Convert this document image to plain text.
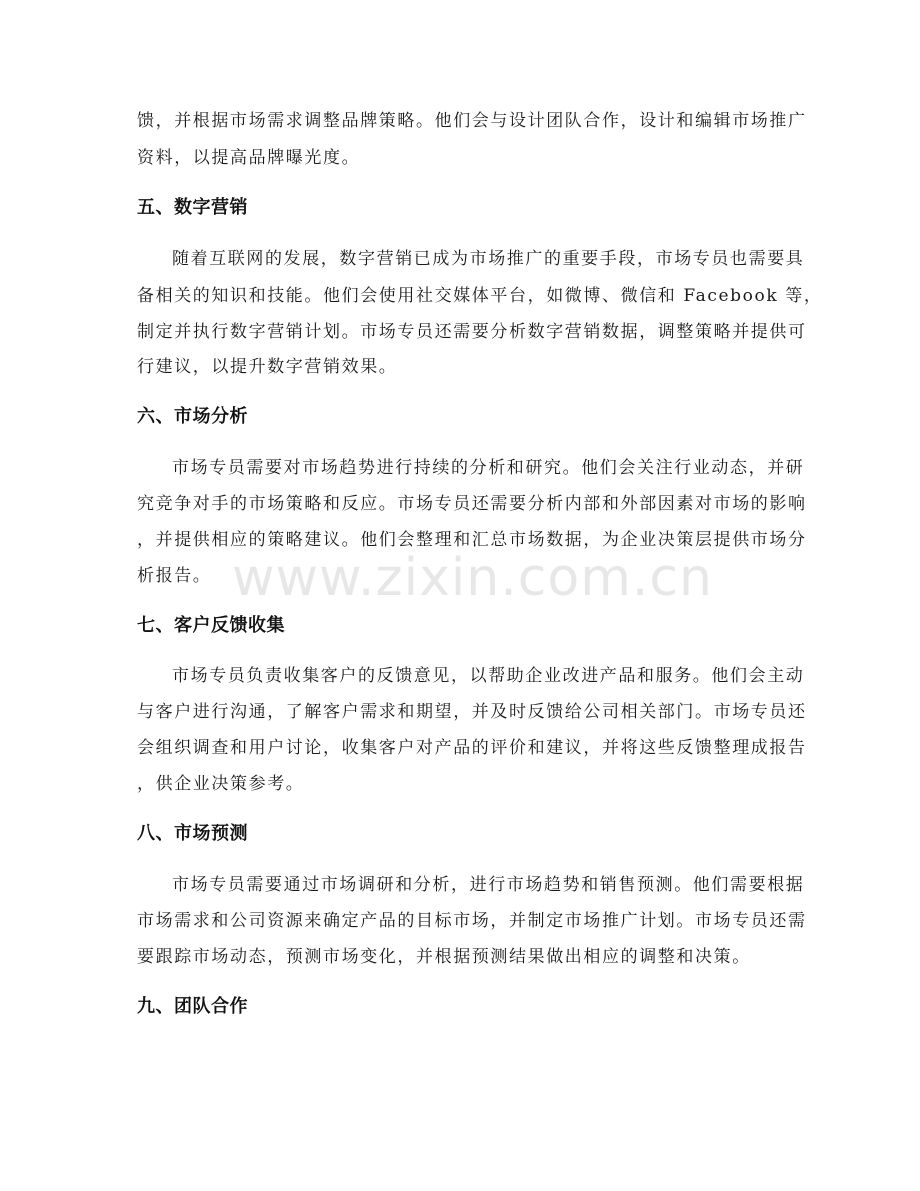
馈，并根据市场需求调整品牌策略。他们会与设计团队合作，设计和编辑市场推广
资料，以提高品牌曝光度。
五、数字营销
随着互联网的发展，数字营销已成为市场推广的重要手段，市场专员也需要具
备相关的知识和技能。他们会使用社交媒体平台，如微博、微信和 Facebook 等，
制定并执行数字营销计划。市场专员还需要分析数字营销数据，调整策略并提供可
行建议，以提升数字营销效果。
六、市场分析
市场专员需要对市场趋势进行持续的分析和研究。他们会关注行业动态，并研
究竞争对手的市场策略和反应。市场专员还需要分析内部和外部因素对市场的影响
，并提供相应的策略建议。他们会整理和汇总市场数据，为企业决策层提供市场分
析报告。
七、客户反馈收集
市场专员负责收集客户的反馈意见，以帮助企业改进产品和服务。他们会主动
与客户进行沟通，了解客户需求和期望，并及时反馈给公司相关部门。市场专员还
会组织调查和用户讨论，收集客户对产品的评价和建议，并将这些反馈整理成报告
，供企业决策参考。
八、市场预测
市场专员需要通过市场调研和分析，进行市场趋势和销售预测。他们需要根据
市场需求和公司资源来确定产品的目标市场，并制定市场推广计划。市场专员还需
要跟踪市场动态，预测市场变化，并根据预测结果做出相应的调整和决策。
九、团队合作
www.zixin.com.cn
